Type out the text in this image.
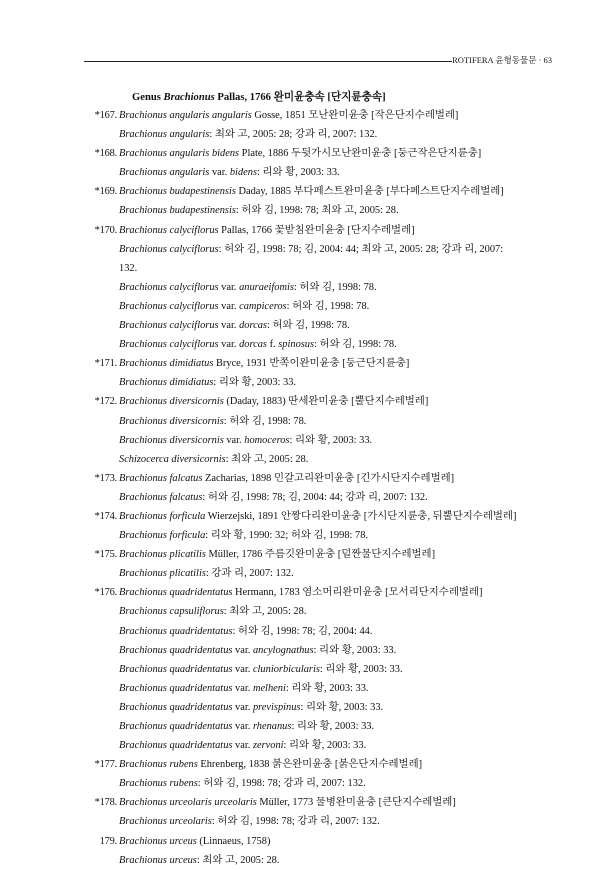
ROTIFERA 윤형동물문 · 63
Genus Brachionus Pallas, 1766 완미윤충속 [단지륜충속]
*167. Brachionus angularis angularis Gosse, 1851 모난완미윤충 [작은단지수레벌레]
Brachionus angularis: 최와 고, 2005: 28; 강과 리, 2007: 132.
*168. Brachionus angularis bidens Plate, 1886 두뒷가시모난완미윤충 [둥근작은단지륜충]
Brachionus angularis var. bidens: 리와 황, 2003: 33.
*169. Brachionus budapestinensis Daday, 1885 부다페스트완미윤충 [부다페스트단지수레벌레]
Brachionus budapestinensis: 허와 김, 1998: 78; 최와 고, 2005: 28.
*170. Brachionus calyciflorus Pallas, 1766 꽃받침완미윤충 [단지수레벌레]
Brachionus calyciflorus: 허와 김, 1998: 78; 김, 2004: 44; 최와 고, 2005: 28; 강과 리, 2007:
132.
Brachionus calyciflorus var. anuraeifomis: 허와 김, 1998: 78.
Brachionus calyciflorus var. campiceros: 허와 김, 1998: 78.
Brachionus calyciflorus var. dorcas: 허와 김, 1998: 78.
Brachionus calyciflorus var. dorcas f. spinosus: 허와 김, 1998: 78.
*171. Brachionus dimidiatus Bryce, 1931 반쪽이완미윤충 [둥근단지륜충]
Brachionus dimidiatus: 리와 황, 2003: 33.
*172. Brachionus diversicornis (Daday, 1883) 딴세완미윤충 [뿔단지수레벌레]
Brachionus diversicornis: 허와 김, 1998: 78.
Brachionus diversicornis var. homoceros: 리와 황, 2003: 33.
Schizocerca diversicornis: 최와 고, 2005: 28.
*173. Brachionus falcatus Zacharias, 1898 민갈고리완미윤충 [긴가시단지수레벌레]
Brachionus falcatus: 허와 김, 1998: 78; 김, 2004: 44; 강과 리, 2007: 132.
*174. Brachionus forficula Wierzejski, 1891 안짱다리완미윤충 [가시단지륜충, 뒤뿔단지수레벌레]
Brachionus forficula: 리와 황, 1990: 32; 허와 김, 1998: 78.
*175. Brachionus plicatilis Müller, 1786 주름깃완미윤충 [덜짠물단지수레벌레]
Brachionus plicatilis: 강과 리, 2007: 132.
*176. Brachionus quadridentatus Hermann, 1783 염소머리완미윤충 [모서리단지수레벌레]
Brachionus capsuliflorus: 최와 고, 2005: 28.
Brachionus quadridentatus: 허와 김, 1998: 78; 김, 2004: 44.
Brachionus quadridentatus var. ancylognathus: 리와 황, 2003: 33.
Brachionus quadridentatus var. cluniorbicularis: 리와 황, 2003: 33.
Brachionus quadridentatus var. melheni: 리와 황, 2003: 33.
Brachionus quadridentatus var. previspinus: 리와 황, 2003: 33.
Brachionus quadridentatus var. rhenanus: 리와 황, 2003: 33.
Brachionus quadridentatus var. zervoni: 리와 황, 2003: 33.
*177. Brachionus rubens Ehrenberg, 1838 붉은완미윤충 [붉은단지수레벌레]
Brachionus rubens: 허와 김, 1998: 78; 강과 리, 2007: 132.
*178. Brachionus urceolaris urceolaris Müller, 1773 물병완미윤충 [큰단지수레벌레]
Brachionus urceolaris: 허와 김, 1998: 78; 강과 리, 2007: 132.
179. Brachionus urceus (Linnaeus, 1758)
Brachionus urceus: 최와 고, 2005: 28.
